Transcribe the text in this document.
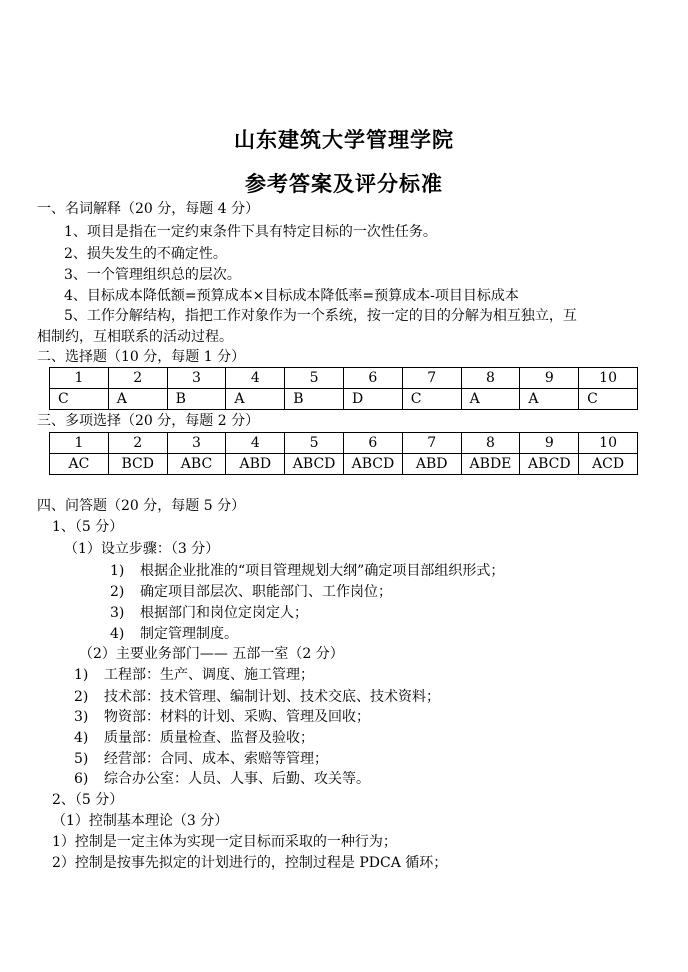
山东建筑大学管理学院
参考答案及评分标准
一、名词解释（20 分，每题 4 分）
1、项目是指在一定约束条件下具有特定目标的一次性任务。
2、损失发生的不确定性。
3、一个管理组织总的层次。
4、目标成本降低额=预算成本×目标成本降低率=预算成本-项目目标成本
5、工作分解结构，指把工作对象作为一个系统，按一定的目的分解为相互独立，互
相制约，互相联系的活动过程。
二、选择题（10 分，每题 1 分）
1	2	3	4	5	6	7	8	9	10
C	A	B	A	B	D	C	A	A	C
三、多项选择（20 分，每题 2 分）
1	2	3	4	5	6	7	8	9	10
AC	BCD	ABC	ABD	ABCD	ABCD	ABD	ABDE	ABCD	ACD
四、问答题（20 分，每题 5 分）
1、（5 分）
（1）设立步骤：（3 分）
1) 根据企业批准的“项目管理规划大纲”确定项目部组织形式；
2) 确定项目部层次、职能部门、工作岗位；
3) 根据部门和岗位定岗定人；
4) 制定管理制度。
（2）主要业务部门—— 五部一室（2 分）
1) 工程部：生产、调度、施工管理；
2) 技术部：技术管理、编制计划、技术交底、技术资料；
3) 物资部：材料的计划、采购、管理及回收；
4) 质量部：质量检查、监督及验收；
5) 经营部：合同、成本、索赔等管理；
6) 综合办公室：人员、人事、后勤、攻关等。
2、（5 分）
（1）控制基本理论（3 分）
1）控制是一定主体为实现一定目标而采取的一种行为；
2）控制是按事先拟定的计划进行的，控制过程是 PDCA 循环；
